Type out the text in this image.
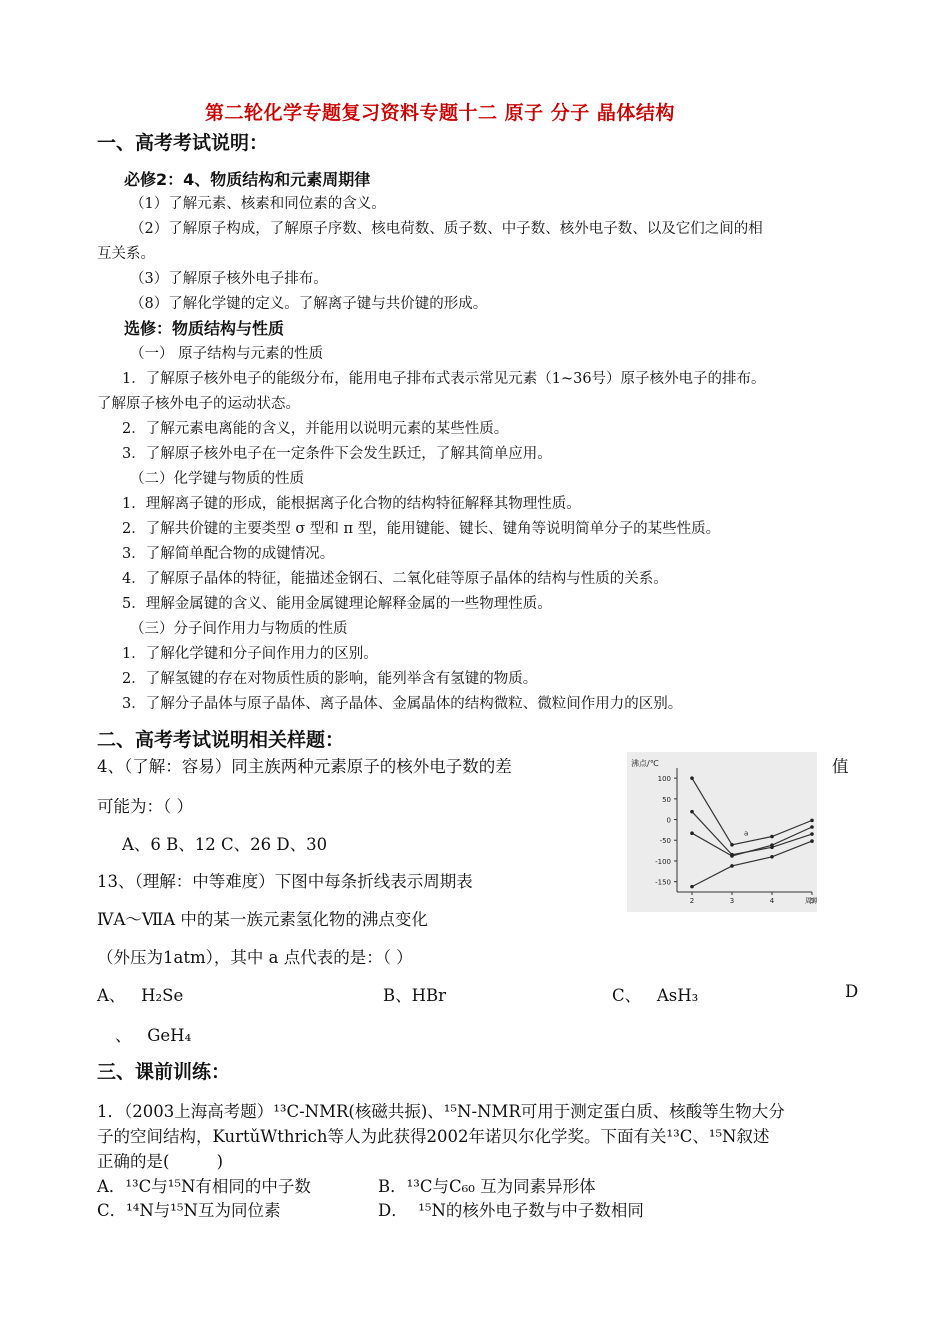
第二轮化学专题复习资料专题十二 原子 分子 晶体结构
一、高考考试说明：
必修2：4、物质结构和元素周期律
（1）了解元素、核素和同位素的含义。
（2）了解原子构成，了解原子序数、核电荷数、质子数、中子数、核外电子数、以及它们之间的相
互关系。
（3）了解原子核外电子排布。
（8）了解化学键的定义。了解离子键与共价键的形成。
选修：物质结构与性质
（一） 原子结构与元素的性质
1．了解原子核外电子的能级分布，能用电子排布式表示常见元素（1~36号）原子核外电子的排布。
了解原子核外电子的运动状态。
2．了解元素电离能的含义，并能用以说明元素的某些性质。
3．了解原子核外电子在一定条件下会发生跃迁，了解其简单应用。
（二）化学键与物质的性质
1．理解离子键的形成，能根据离子化合物的结构特征解释其物理性质。
2．了解共价键的主要类型 σ 型和 π 型，能用键能、键长、键角等说明简单分子的某些性质。
3．了解简单配合物的成键情况。
4．了解原子晶体的特征，能描述金钢石、二氧化硅等原子晶体的结构与性质的关系。
5．理解金属键的含义、能用金属键理论解释金属的一些物理性质。
（三）分子间作用力与物质的性质
1．了解化学键和分子间作用力的区别。
2．了解氢键的存在对物质性质的影响，能列举含有氢键的物质。
3．了解分子晶体与原子晶体、离子晶体、金属晶体的结构微粒、微粒间作用力的区别。
二、高考考试说明相关样题：
4、（了解：容易）同主族两种元素原子的核外电子数的差	值
可能为：（ ）
A、6 B、12 C、26 D、30
13、（理解：中等难度）下图中每条折线表示周期表
ⅣA～ⅦA 中的某一族元素氢化物的沸点变化
（外压为1atm），其中 a 点代表的是：（ ）
A、   H₂Se	B、HBr	C、   AsH₃	D
、   GeH₄
沸点/℃
100
50
0
-50
-100
-150
2	3	4	5
周期
a
三、课前训练：
1．（2003上海高考题）¹³C-NMR(核磁共振)、¹⁵N-NMR可用于测定蛋白质、核酸等生物大分
子的空间结构，KurtǔWthrich等人为此获得2002年诺贝尔化学奖。下面有关¹³C、¹⁵N叙述
正确的是(         )
A．¹³C与¹⁵N有相同的中子数	B．¹³C与C₆₀ 互为同素异形体
C．¹⁴N与¹⁵N互为同位素	D．  ¹⁵N的核外电子数与中子数相同
